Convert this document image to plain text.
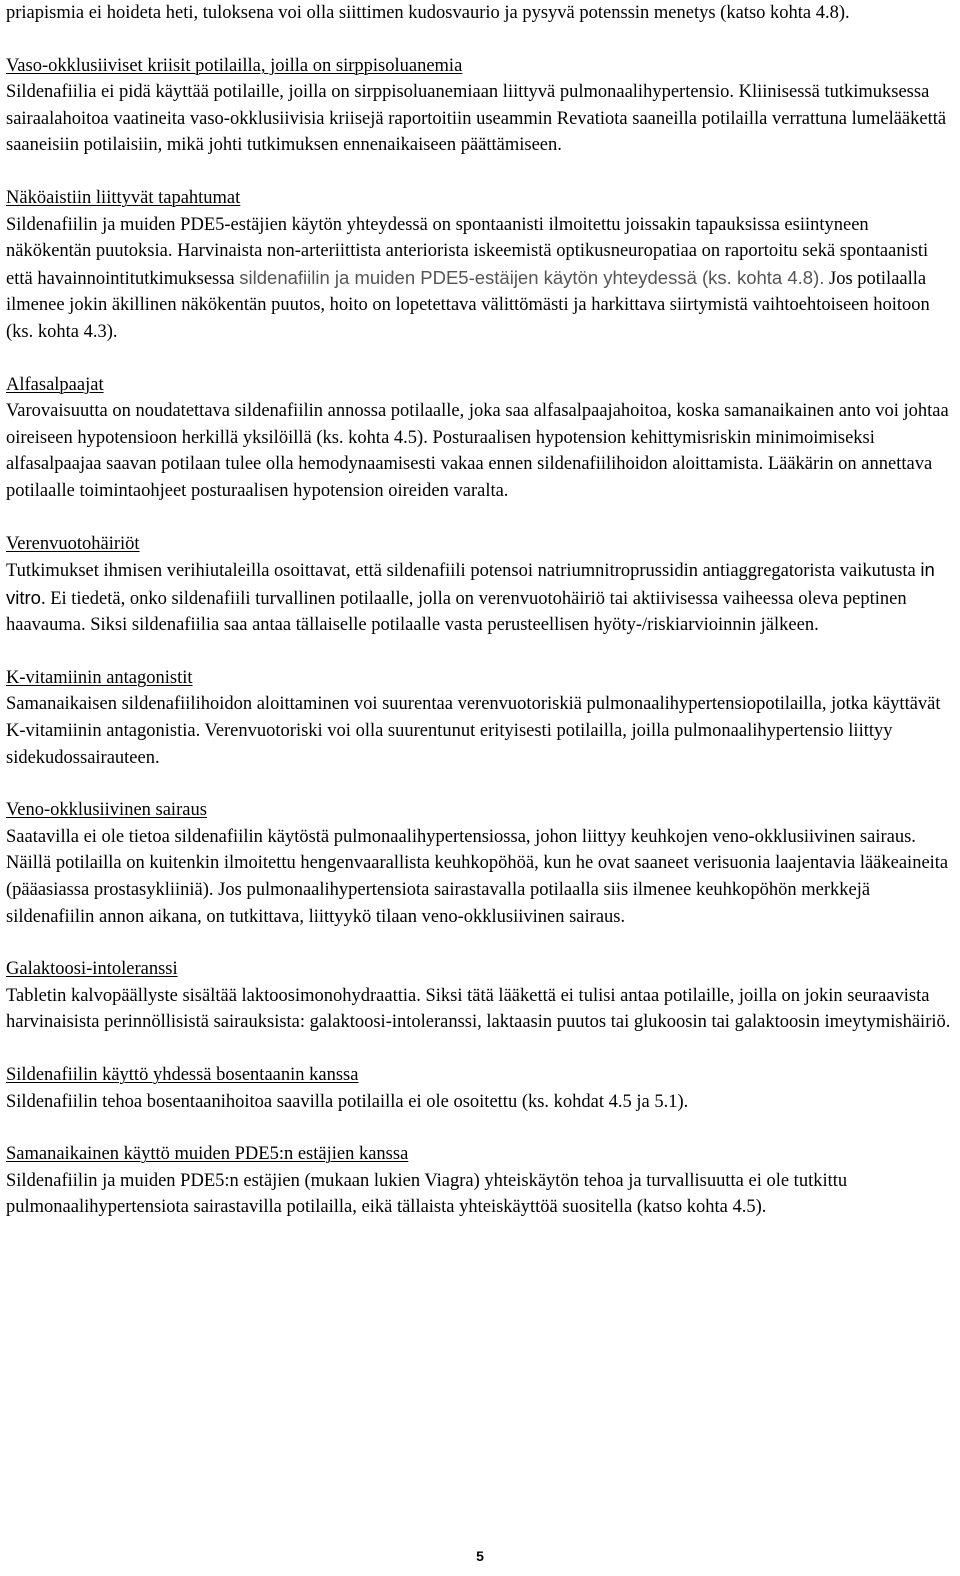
priapismia ei hoideta heti, tuloksena voi olla siittimen kudosvaurio ja pysyvä potenssin menetys (katso kohta 4.8).

Vaso-okklusiiviset kriisit potilailla, joilla on sirppisoluanemia

Sildenafiilia ei pidä käyttää potilaille, joilla on sirppisoluanemiaan liittyvä pulmonaalihypertensio. Kliinisessä tutkimuksessa sairaalahoitoa vaatineita vaso-okklusiivisia kriisejä raportoitiin useammin Revatiota saaneilla potilailla verrattuna lumelääkettä saaneisiin potilaisiin, mikä johti tutkimuksen ennenaikaiseen päättämiseen.

Näköaistiin liittyvät tapahtumat

Sildenafiilin ja muiden PDE5-estäjien käytön yhteydessä on spontaanisti ilmoitettu joissakin tapauksissa esiintyneen näkökentän puutoksia. Harvinaista non-arteriittista anteriorista iskeemistä optikusneuropatiaa on raportoitu sekä spontaanisti että havainnointitutkimuksessa sildenafiilin ja muiden PDE5-estäijen käytön yhteydessä (ks. kohta 4.8). Jos potilaalla ilmenee jokin äkillinen näkökentän puutos, hoito on lopetettava välittömästi ja harkittava siirtymistä vaihtoehtoiseen hoitoon (ks. kohta 4.3).

Alfasalpaajat

Varovaisuutta on noudatettava sildenafiilin annossa potilaalle, joka saa alfasalpaajahoitoa, koska samanaikainen anto voi johtaa oireiseen hypotensioon herkillä yksilöillä (ks. kohta 4.5). Posturaalisen hypotension kehittymisriskin minimoimiseksi alfasalpaajaa saavan potilaan tulee olla hemodynaamisesti vakaa ennen sildenafiilihoidon aloittamista. Lääkärin on annettava potilaalle toimintaohjeet posturaalisen hypotension oireiden varalta.

Verenvuotohäiriöt

Tutkimukset ihmisen verihiutaleilla osoittavat, että sildenafiili potensoi natriumnitroprussidin antiaggregatorista vaikutusta in vitro. Ei tiedetä, onko sildenafiili turvallinen potilaalle, jolla on verenvuotohäiriö tai aktiivisessa vaiheessa oleva peptinen haavauma. Siksi sildenafiilia saa antaa tällaiselle potilaalle vasta perusteellisen hyöty-/riskiarvioinnin jälkeen.

K-vitamiinin antagonistit

Samanaikaisen sildenafiilihoidon aloittaminen voi suurentaa verenvuotoriskiä pulmonaalihypertensiopotilailla, jotka käyttävät K-vitamiinin antagonistia. Verenvuotoriski voi olla suurentunut erityisesti potilailla, joilla pulmonaalihypertensio liittyy sidekudossairauteen.

Veno-okklusiivinen sairaus

Saatavilla ei ole tietoa sildenafiilin käytöstä pulmonaalihypertensiossa, johon liittyy keuhkojen veno-okklusiivinen sairaus. Näillä potilailla on kuitenkin ilmoitettu hengenvaarallista keuhkopöhöä, kun he ovat saaneet verisuonia laajentavia lääkeaineita (pääasiassa prostasykliiniä). Jos pulmonaalihypertensiota sairastavalla potilaalla siis ilmenee keuhkopöhön merkkejä sildenafiilin annon aikana, on tutkittava, liittyykö tilaan veno-okklusiivinen sairaus.

Galaktoosi-intoleranssi

Tabletin kalvopäällyste sisältää laktoosimonohydraattia. Siksi tätä lääkettä ei tulisi antaa potilaille, joilla on jokin seuraavista harvinaisista perinnöllisistä sairauksista: galaktoosi-intoleranssi, laktaasin puutos tai glukoosin tai galaktoosin imeytymishäiriö.

Sildenafiilin käyttö yhdessä bosentaanin kanssa

Sildenafiilin tehoa bosentaanihoitoa saavilla potilailla ei ole osoitettu (ks. kohdat 4.5 ja 5.1).

Samanaikainen käyttö muiden PDE5:n estäjien kanssa

Sildenafiilin ja muiden PDE5:n estäjien (mukaan lukien Viagra) yhteiskäytön tehoa ja turvallisuutta ei ole tutkittu pulmonaalihypertensiota sairastavilla potilailla, eikä tällaista yhteiskäyttöä suositella (katso kohta 4.5).

5
